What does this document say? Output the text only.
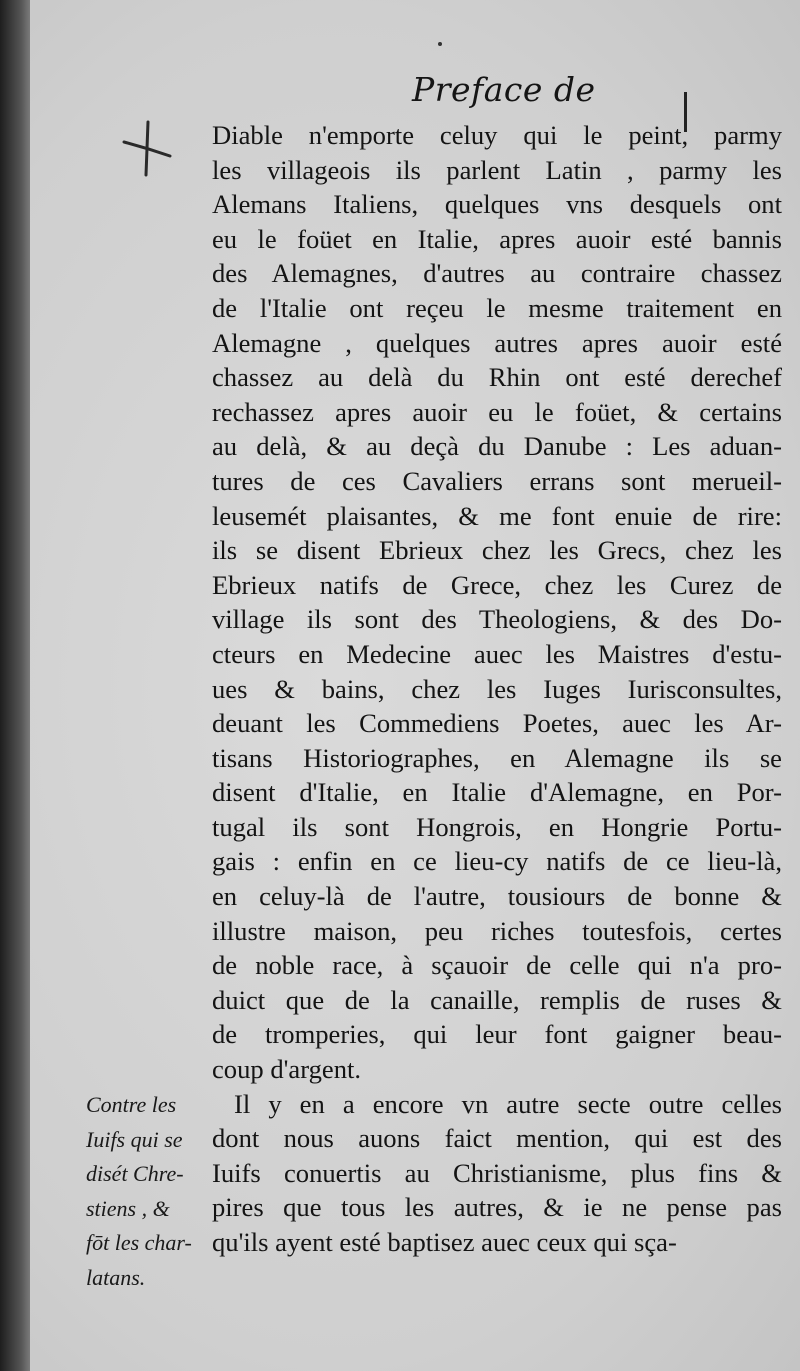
Preface de
Diable n'emporte celuy qui le peint, parmy
les villageois ils parlent Latin , parmy les
Alemans Italiens, quelques vns desquels ont
eu le foüet en Italie, apres auoir esté bannis
des Alemagnes, d'autres au contraire chassez
de l'Italie ont reçeu le mesme traitement en
Alemagne , quelques autres apres auoir esté
chassez au delà du Rhin ont esté derechef
rechassez apres auoir eu le foüet, & certains
au delà, & au deçà du Danube : Les aduan-
tures de ces Cavaliers errans sont merueil-
leusemét plaisantes, & me font enuie de rire:
ils se disent Ebrieux chez les Grecs, chez les
Ebrieux natifs de Grece, chez les Curez de
village ils sont des Theologiens, & des Do-
cteurs en Medecine auec les Maistres d'estu-
ues & bains, chez les Iuges Iurisconsultes,
deuant les Commediens Poetes, auec les Ar-
tisans Historiographes, en Alemagne ils se
disent d'Italie, en Italie d'Alemagne, en Por-
tugal ils sont Hongrois, en Hongrie Portu-
gais : enfin en ce lieu-cy natifs de ce lieu-là,
en celuy-là de l'autre, tousiours de bonne &
illustre maison, peu riches toutesfois, certes
de noble race, à sçauoir de celle qui n'a pro-
duict que de la canaille, remplis de ruses &
de tromperies, qui leur font gaigner beau-
coup d'argent.
Il y en a encore vn autre secte outre celles
dont nous auons faict mention, qui est des
Iuifs conuertis au Christianisme, plus fins &
pires que tous les autres, & ie ne pense pas
qu'ils ayent esté baptisez auec ceux qui sça-
Contre les
Iuifs qui se
disét Chre-
stiens , &
fōt les char-
latans.
